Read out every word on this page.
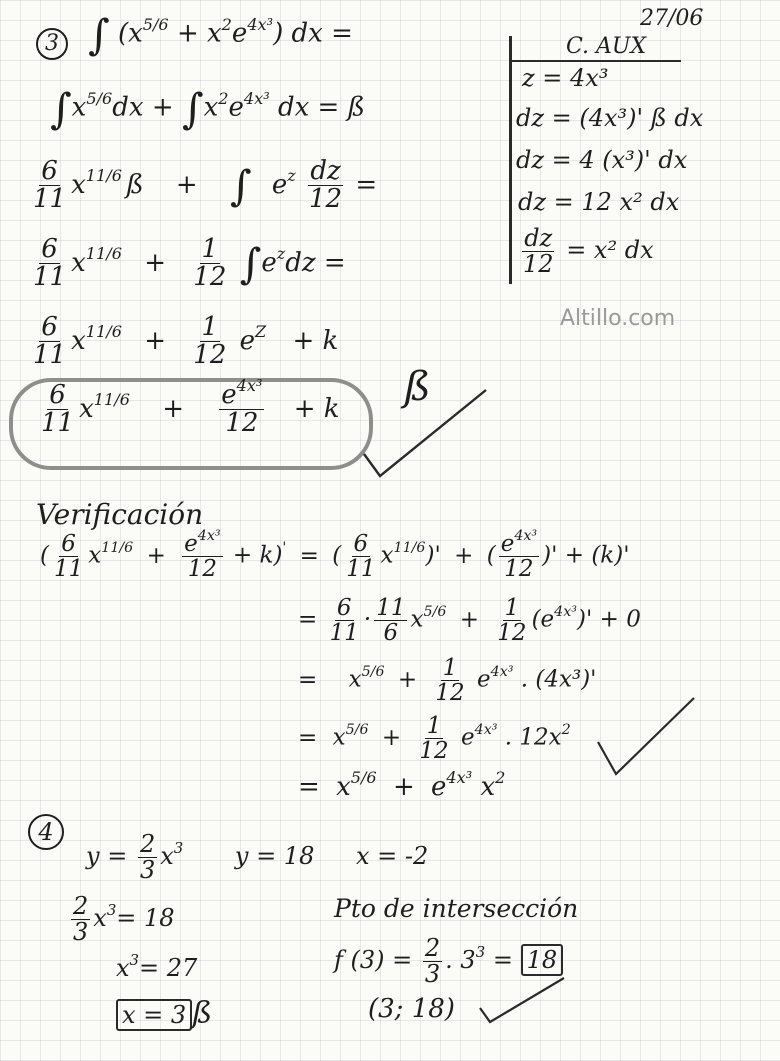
27/06
Altillo.com
3 ∫ $(x^{5/6} + x^2e^{4x^3})$ dx =
$\int x^{5/6}dx + \int x^2e^{4x^3}$ dx = ß
$\frac{6}{11} x^{11/6}$ ß + ∫ $e^z \frac{dz}{12}$ =
$\frac{6}{11} x^{11/6} + \frac{1}{12} \int e^zdz$ =
$\frac{6}{11} x^{11/6} + \frac{1}{12} e^Z + k$
$\frac{6}{11} x^{11/6} + \frac{e^{4x^3}}{12} + k$ ß
C. AUX
z = 4x³
dz = (4x³)' ß dx
dz = 4 (x³)' dx
dz = 12 x² dx
$\frac{dz}{12} = x^2$ dx
Verificación
( $\frac{6}{11} x^{11/6} + \frac{e^{4x^3}}{12} + k)'$ = ( $\frac{6}{11} x^{11/6})'$ + ( $\frac{e^{4x^3}}{12}$ )' + (k)'
= $\frac{6}{11} \cdot \frac{11}{6} x^{5/6} + \frac{1}{12} (e^{4x^3})' + 0$
= $x^{5/6} + \frac{1}{12} e^{4x^3}$ . (4x³)'
= $x^{5/6} + \frac{1}{12} e^{4x^3}$ . $12x^2$
= $x^{5/6} + e^{4x^3}$ $x^2$
4
$y = \frac{2}{3} x^3$ y = 18 x = -2
$\frac{2}{3} x^3= 18$
$x^3= 27$
x = 3 ß
Pto de intersección
f $(3) = \frac{2}{3}$ . $3^3 = 18$
(3; 18)
